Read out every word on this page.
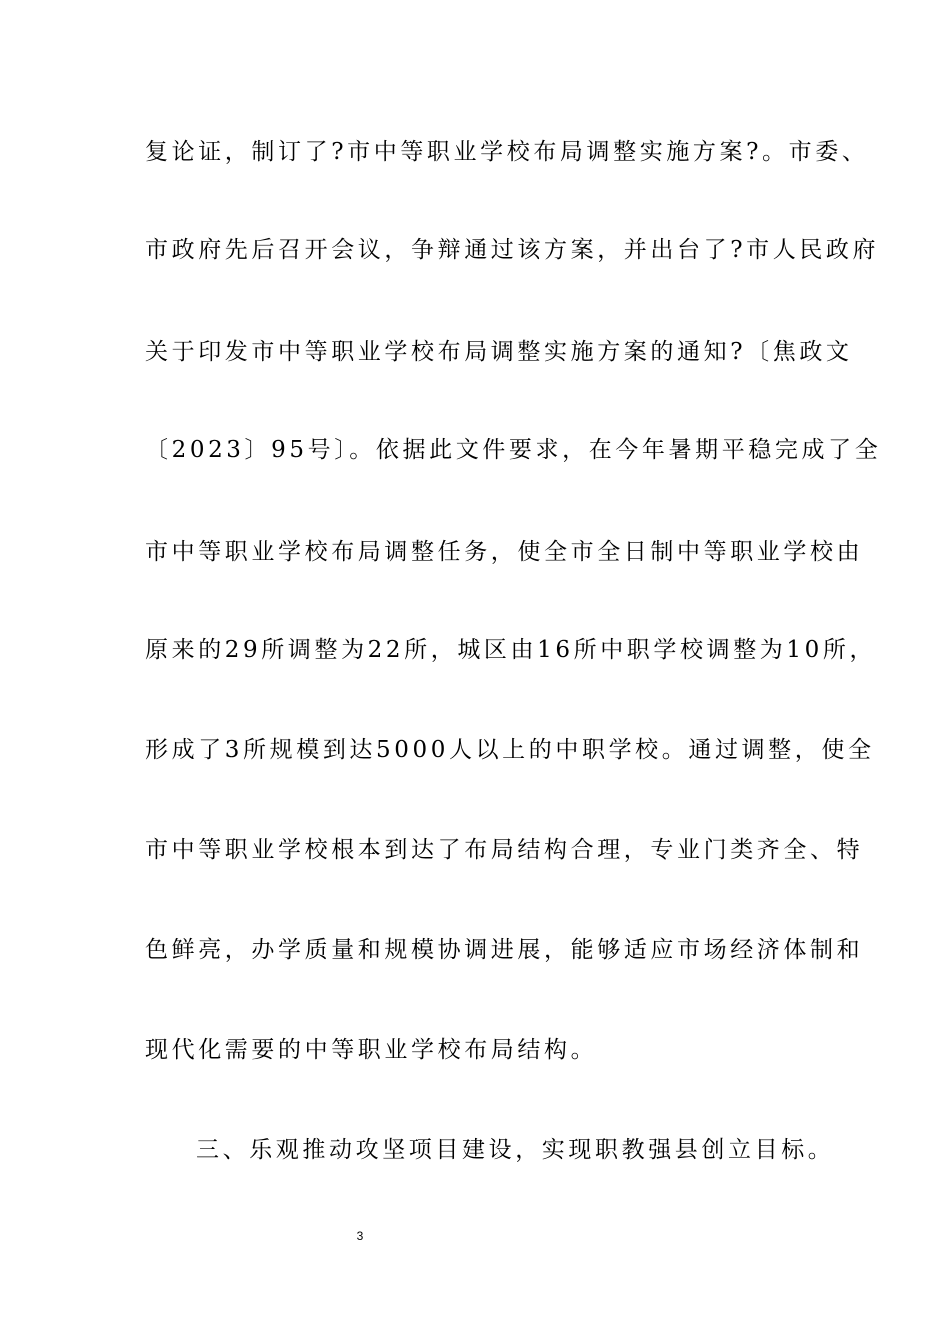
复论证，制订了?市中等职业学校布局调整实施方案?。市委、
市政府先后召开会议，争辩通过该方案，并出台了?市人民政府
关于印发市中等职业学校布局调整实施方案的通知?〔焦政文
〔2023〕95号〕。依据此文件要求，在今年暑期平稳完成了全
市中等职业学校布局调整任务，使全市全日制中等职业学校由
原来的29所调整为22所，城区由16所中职学校调整为10所，
形成了3所规模到达5000人以上的中职学校。通过调整，使全
市中等职业学校根本到达了布局结构合理，专业门类齐全、特
色鲜亮，办学质量和规模协调进展，能够适应市场经济体制和
现代化需要的中等职业学校布局结构。
三、乐观推动攻坚项目建设，实现职教强县创立目标。
3
